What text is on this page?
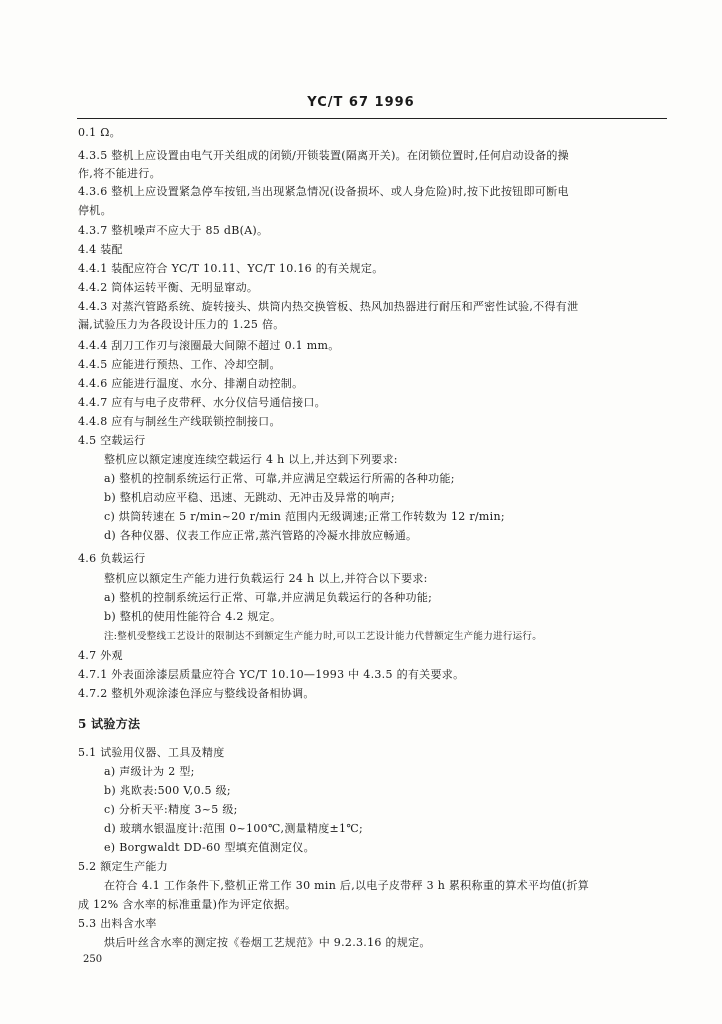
YC/T 67 1996
0.1 Ω。
4.3.5 整机上应设置由电气开关组成的闭锁/开锁装置(隔离开关)。在闭锁位置时,任何启动设备的操
作,将不能进行。
4.3.6 整机上应设置紧急停车按钮,当出现紧急情况(设备损坏、或人身危险)时,按下此按钮即可断电
停机。
4.3.7 整机噪声不应大于 85 dB(A)。
4.4 装配
4.4.1 装配应符合 YC/T 10.11、YC/T 10.16 的有关规定。
4.4.2 筒体运转平衡、无明显窜动。
4.4.3 对蒸汽管路系统、旋转接头、烘筒内热交换管板、热风加热器进行耐压和严密性试验,不得有泄
漏,试验压力为各段设计压力的 1.25 倍。
4.4.4 刮刀工作刃与滚圈最大间隙不超过 0.1 mm。
4.4.5 应能进行预热、工作、冷却空制。
4.4.6 应能进行温度、水分、排潮自动控制。
4.4.7 应有与电子皮带秤、水分仪信号通信接口。
4.4.8 应有与制丝生产线联锁控制接口。
4.5 空载运行
整机应以额定速度连续空载运行 4 h 以上,并达到下列要求:
a) 整机的控制系统运行正常、可靠,并应满足空载运行所需的各种功能;
b) 整机启动应平稳、迅速、无跳动、无冲击及异常的响声;
c) 烘筒转速在 5 r/min~20 r/min 范围内无级调速;正常工作转数为 12 r/min;
d) 各种仪器、仪表工作应正常,蒸汽管路的冷凝水排放应畅通。
4.6 负载运行
整机应以额定生产能力进行负载运行 24 h 以上,并符合以下要求:
a) 整机的控制系统运行正常、可靠,并应满足负载运行的各种功能;
b) 整机的使用性能符合 4.2 规定。
注:整机受整线工艺设计的限制达不到额定生产能力时,可以工艺设计能力代替额定生产能力进行运行。
4.7 外观
4.7.1 外表面涂漆层质量应符合 YC/T 10.10—1993 中 4.3.5 的有关要求。
4.7.2 整机外观涂漆色泽应与整线设备相协调。
5 试验方法
5.1 试验用仪器、工具及精度
a) 声级计为 2 型;
b) 兆欧表:500 V,0.5 级;
c) 分析天平:精度 3~5 级;
d) 玻璃水银温度计:范围 0~100℃,测量精度±1℃;
e) Borgwaldt DD-60 型填充值测定仪。
5.2 额定生产能力
在符合 4.1 工作条件下,整机正常工作 30 min 后,以电子皮带秤 3 h 累积称重的算术平均值(折算
成 12% 含水率的标准重量)作为评定依据。
5.3 出料含水率
烘后叶丝含水率的测定按《卷烟工艺规范》中 9.2.3.16 的规定。
250
